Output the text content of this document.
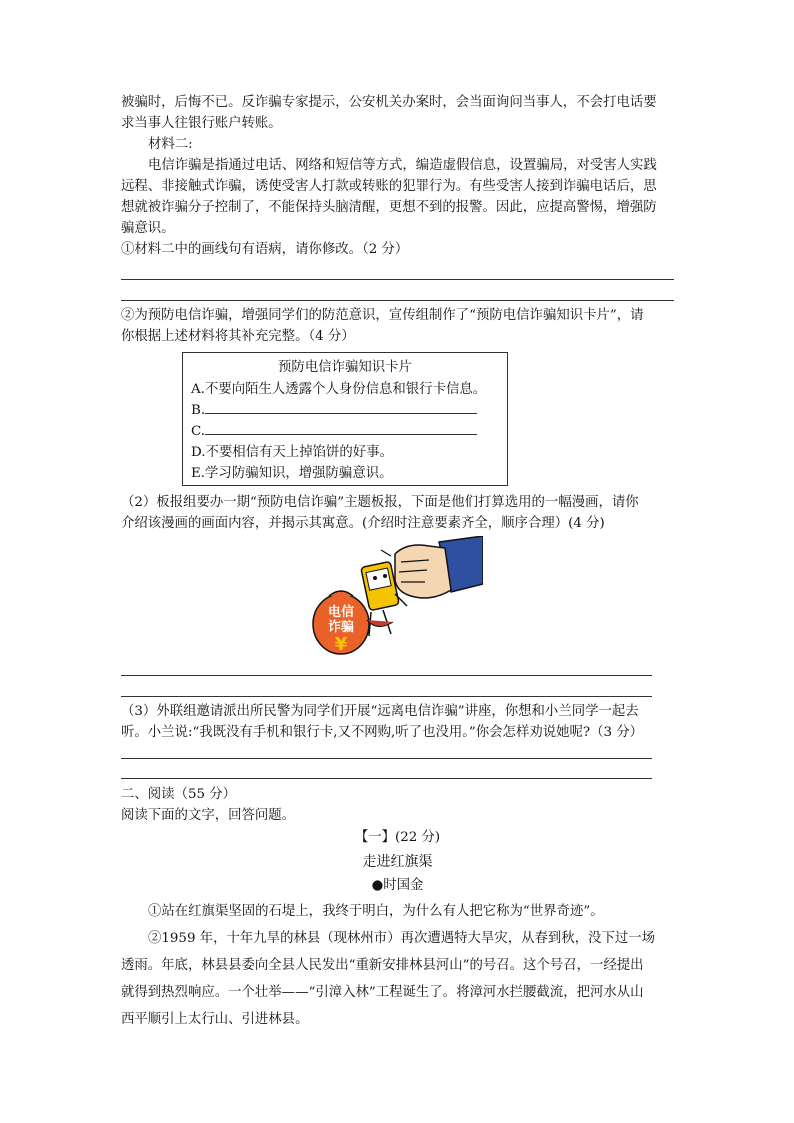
被骗时，后悔不已。反诈骗专家提示，公安机关办案时，会当面询问当事人，不会打电话要

求当事人往银行账户转账。

材料二:

电信诈骗是指通过电话、网络和短信等方式，编造虚假信息，设置骗局，对受害人实践

远程、非接触式诈骗，诱使受害人打款或转账的犯罪行为。有些受害人接到诈骗电话后，思

想就被诈骗分子控制了，不能保持头脑清醒，更想不到的报警。因此，应提高警惕，增强防

骗意识。

①材料二中的画线句有语病，请你修改。（2 分）

②为预防电信诈骗，增强同学们的防范意识，宣传组制作了“预防电信诈骗知识卡片”，请

你根据上述材料将其补充完整。（4 分）

预防电信诈骗知识卡片
A.不要向陌生人透露个人身份信息和银行卡信息。
B.
C.
D.不要相信有天上掉馅饼的好事。
E.学习防骗知识，增强防骗意识。

（2）板报组要办一期“预防电信诈骗”主题板报，下面是他们打算选用的一幅漫画，请你

介绍该漫画的画面内容，并揭示其寓意。(介绍时注意要素齐全，顺序合理）(4 分)

电信
诈骗
¥

（3）外联组邀请派出所民警为同学们开展“远离电信诈骗”讲座，你想和小兰同学一起去

听。小兰说:“我既没有手机和银行卡,又不网购,听了也没用。”你会怎样劝说她呢?（3 分）

二、阅读（55 分）

阅读下面的文字，回答问题。

【一】(22 分)

走进红旗渠

●时国金

①站在红旗渠坚固的石堤上，我终于明白，为什么有人把它称为“世界奇迹”。

②1959 年，十年九旱的林县（现林州市）再次遭遇特大旱灾，从春到秋，没下过一场

透雨。年底，林县县委向全县人民发出“重新安排林县河山”的号召。这个号召，一经提出

就得到热烈响应。一个壮举——“引漳入林”工程诞生了。将漳河水拦腰截流，把河水从山

西平顺引上太行山、引进林县。
